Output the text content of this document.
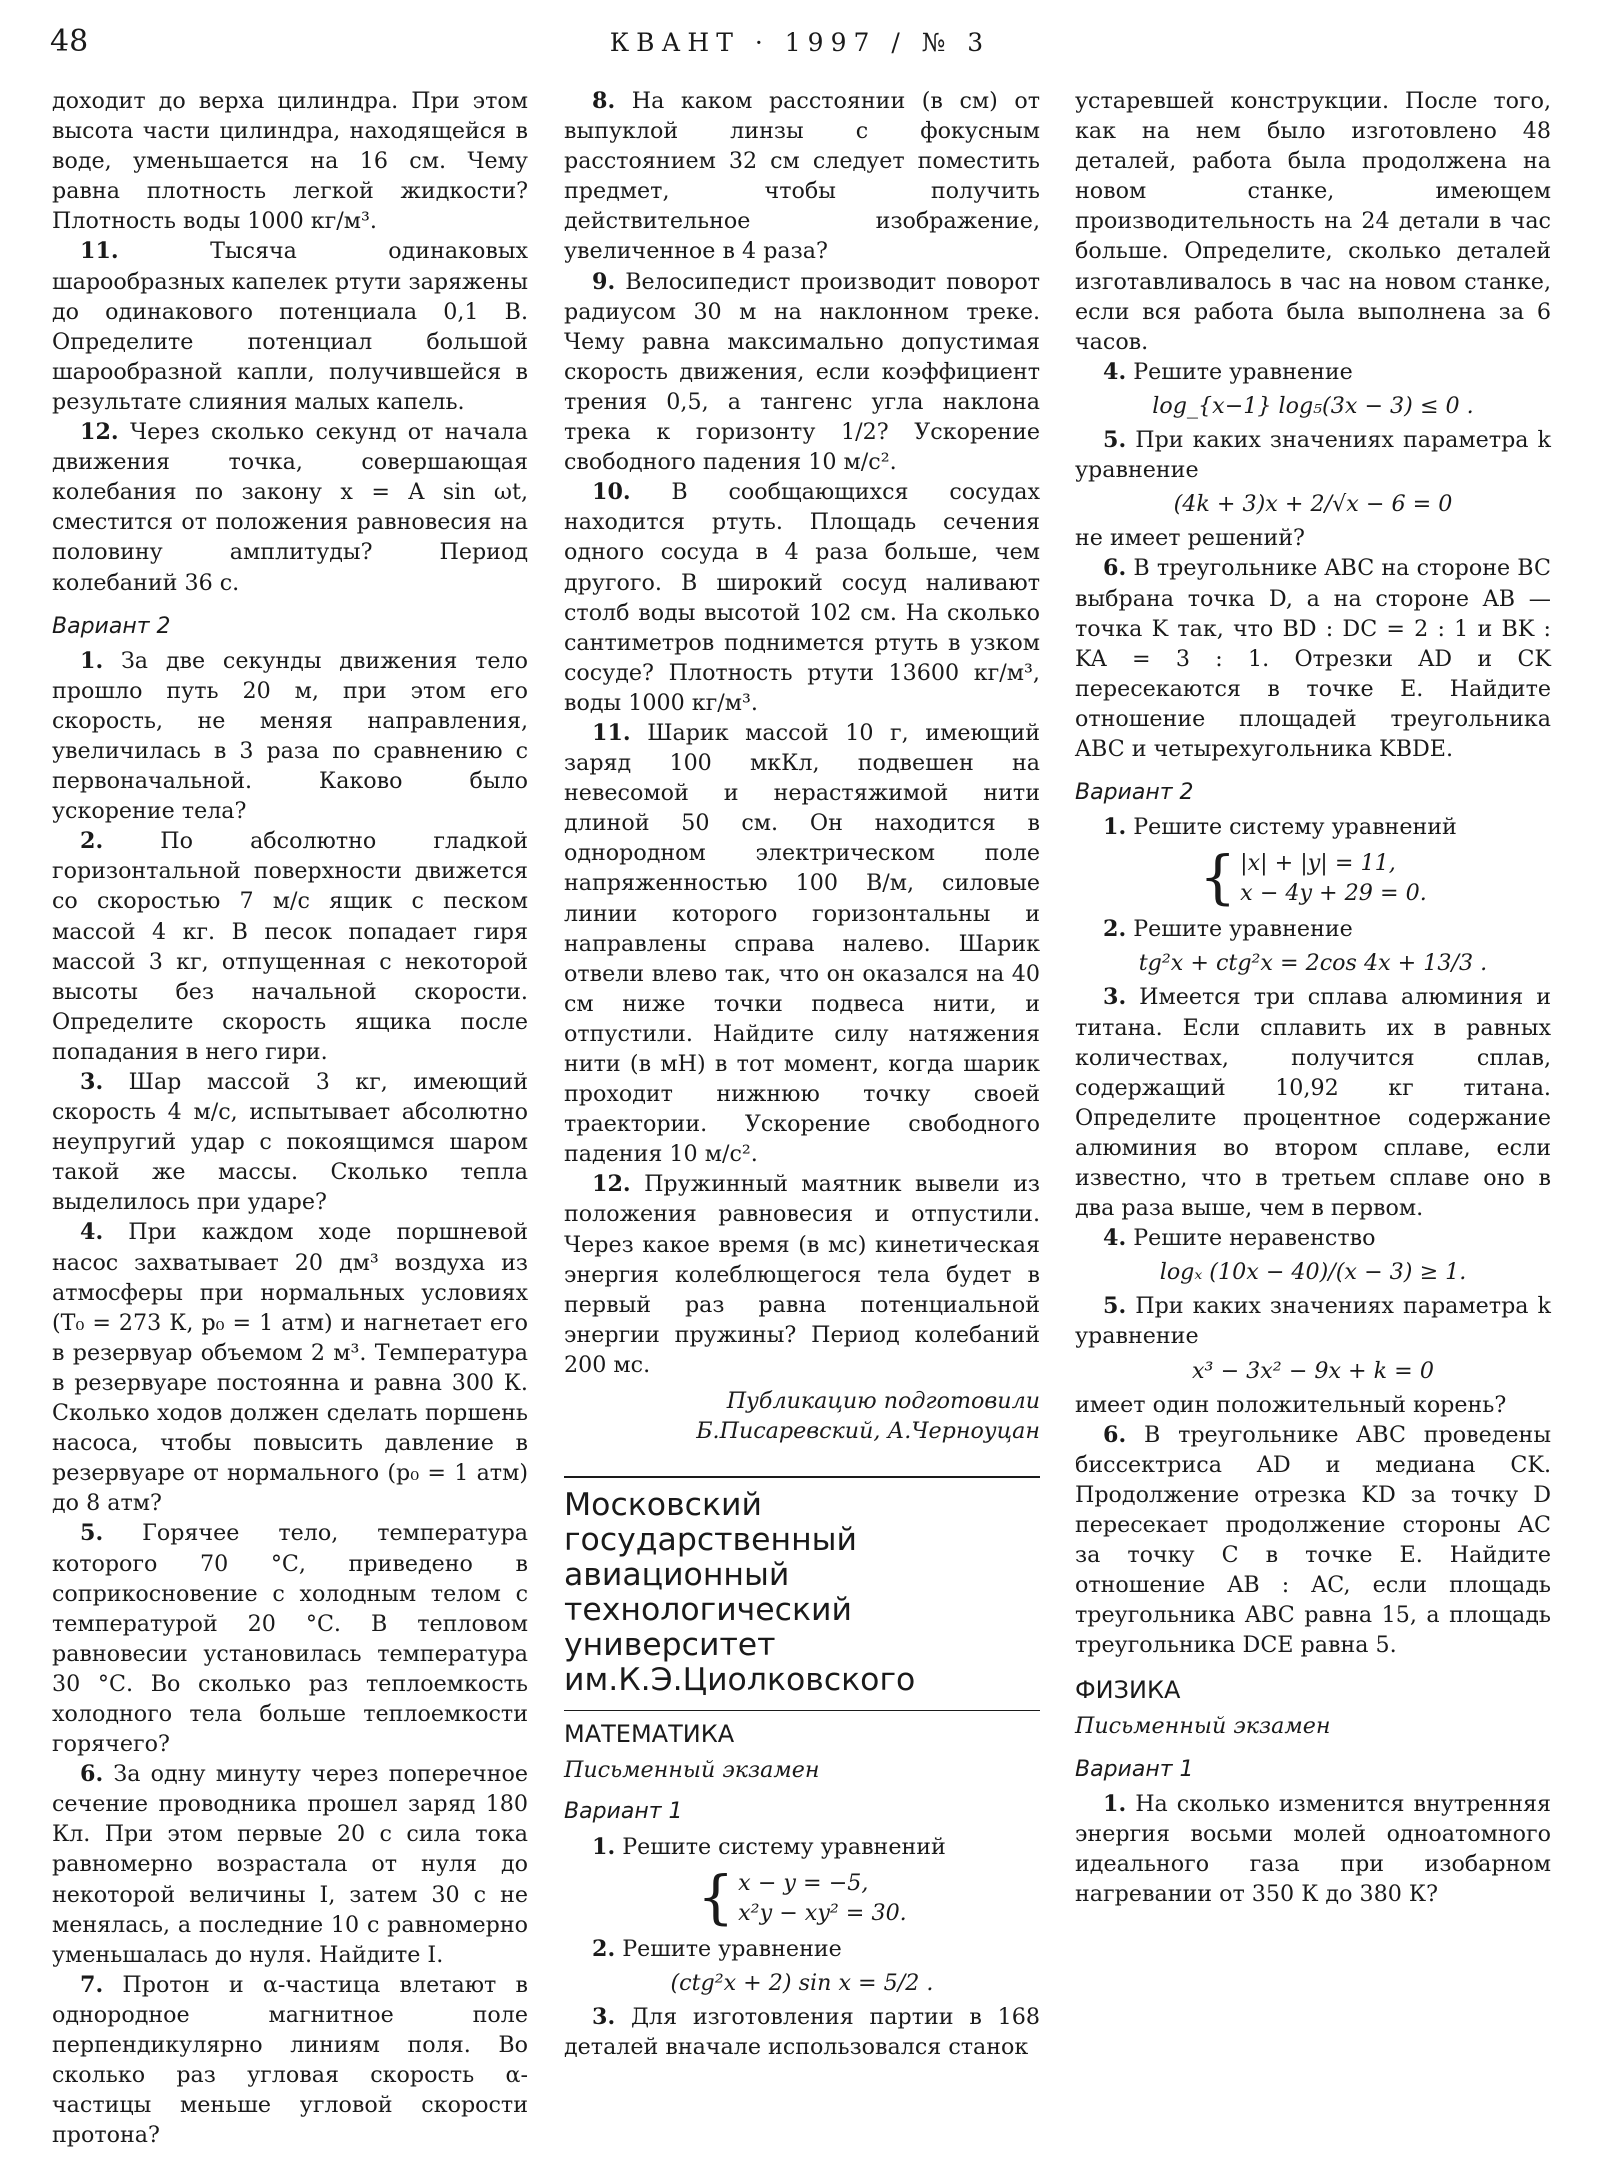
48	КВАНТ · 1997 / № 3

доходит до верха цилиндра. При этом высота части цилиндра, находящейся в воде, уменьшается на 16 см. Чему равна плотность легкой жидкости? Плотность воды 1000 кг/м³.

11.	Тысяча одинаковых шарообразных капелек ртути заряжены до одинакового потенциала 0,1 В. Определите потенциал большой шарообразной капли, получившейся в результате слияния малых капель.

12. Через сколько секунд от начала движения точка, совершающая колебания по закону x = A sin ωt, сместится от положения равновесия на половину амплитуды? Период колебаний 36 с.

Вариант 2

1. За две секунды движения тело прошло путь 20 м, при этом его скорость, не меняя направления, увеличилась в 3 раза по сравнению с первоначальной. Каково было ускорение тела?

2.	По абсолютно гладкой горизонтальной поверхности движется со скоростью 7 м/с ящик с песком массой 4 кг. В песок попадает гиря массой 3 кг, отпущенная с некоторой высоты без начальной скорости. Определите скорость ящика после попадания в него гири.

3. Шар массой 3 кг, имеющий скорость 4 м/с, испытывает абсолютно неупругий удар с покоящимся шаром такой же массы. Сколько тепла выделилось при ударе?

4. При каждом ходе поршневой насос захватывает 20 дм³ воздуха из атмосферы при нормальных условиях (T₀ = 273 К, p₀ = 1 атм) и нагнетает его в резервуар объемом 2 м³. Температура в резервуаре постоянна и равна 300 К. Сколько ходов должен сделать поршень насоса, чтобы повысить давление в резервуаре от нормального (p₀ = 1 атм) до 8 атм?

5. Горячее тело, температура которого 70 °С, приведено в соприкосновение с холодным телом с температурой 20 °С. В тепловом равновесии установилась температура 30 °С. Во сколько раз теплоемкость холодного тела больше теплоемкости горячего?

6. За одну минуту через поперечное сечение проводника прошел заряд 180 Кл. При этом первые 20 с сила тока равномерно возрастала от нуля до некоторой величины I, затем 30 с не менялась, а последние 10 с равномерно уменьшалась до нуля. Найдите I.

7. Протон и α-частица влетают в однородное магнитное поле перпендикулярно линиям поля. Во сколько раз угловая скорость α-частицы меньше угловой скорости протона?

8. На каком расстоянии (в см) от выпуклой линзы с фокусным расстоянием 32 см следует поместить предмет, чтобы получить действительное изображение, увеличенное в 4 раза?

9. Велосипедист производит поворот радиусом 30 м на наклонном треке. Чему равна максимально допустимая скорость движения, если коэффициент трения 0,5, а тангенс угла наклона трека к горизонту 1/2? Ускорение свободного падения 10 м/с².

10. В сообщающихся сосудах находится ртуть. Площадь сечения одного сосуда в 4 раза больше, чем другого. В широкий сосуд наливают столб воды высотой 102 см. На сколько сантиметров поднимется ртуть в узком сосуде? Плотность ртути 13600 кг/м³, воды 1000 кг/м³.

11. Шарик массой 10 г, имеющий заряд 100 мкКл, подвешен на невесомой и нерастяжимой нити длиной 50 см. Он находится в однородном электрическом поле напряженностью 100 В/м, силовые линии которого горизонтальны и направлены справа налево. Шарик отвели влево так, что он оказался на 40 см ниже точки подвеса нити, и отпустили. Найдите силу натяжения нити (в мН) в тот момент, когда шарик проходит нижнюю точку своей траектории. Ускорение свободного падения 10 м/с².

12. Пружинный маятник вывели из положения равновесия и отпустили. Через какое время (в мс) кинетическая энергия колеблющегося тела будет в первый раз равна потенциальной энергии пружины? Период колебаний 200 мс.

Публикацию подготовили
Б.Писаревский, А.Черноуцан
Московский государственный авиационный технологический университет им.К.Э.Циолковского
МАТЕМАТИКА
Письменный экзамен
Вариант 1

1. Решите систему уравнений

{ x − y = −5,
x²y − xy² = 30.

2. Решите уравнение

(ctg²x + 2) sin x = 5/2 .

3. Для изготовления партии в 168 деталей вначале использовался станок

устаревшей конструкции. После того, как на нем было изготовлено 48 деталей, работа была продолжена на новом станке, имеющем производительность на 24 детали в час больше. Определите, сколько деталей изготавливалось в час на новом станке, если вся работа была выполнена за 6 часов.

4. Решите уравнение

log_{x−1} log₅(3x − 3) ≤ 0 .

5. При каких значениях параметра k уравнение

(4k + 3)x + 2/√x − 6 = 0

не имеет решений?

6. В треугольнике ABC на стороне BC выбрана точка D, а на стороне AB — точка K так, что BD : DC = 2 : 1 и BK : KA = 3 : 1. Отрезки AD и CK пересекаются в точке E. Найдите отношение площадей треугольника ABC и четырехугольника KBDE.

Вариант 2

1. Решите систему уравнений

{ |x| + |y| = 11,
x − 4y + 29 = 0.

2. Решите уравнение

tg²x + ctg²x = 2cos 4x + 13/3 .

3. Имеется три сплава алюминия и титана. Если сплавить их в равных количествах, получится сплав, содержащий 10,92 кг титана. Определите процентное содержание алюминия во втором сплаве, если известно, что в третьем сплаве оно в два раза выше, чем в первом.

4. Решите неравенство

logₓ (10x − 40)/(x − 3) ≥ 1.

5. При каких значениях параметра k уравнение

x³ − 3x² − 9x + k = 0

имеет один положительный корень?

6. В треугольнике ABC проведены биссектриса AD и медиана CK. Продолжение отрезка KD за точку D пересекает продолжение стороны AC за точку C в точке E. Найдите отношение AB : AC, если площадь треугольника ABC равна 15, а площадь треугольника DCE равна 5.

ФИЗИКА
Письменный экзамен
Вариант 1

1. На сколько изменится внутренняя энергия восьми молей одноатомного идеального газа при изобарном нагревании от 350 К до 380 К?
